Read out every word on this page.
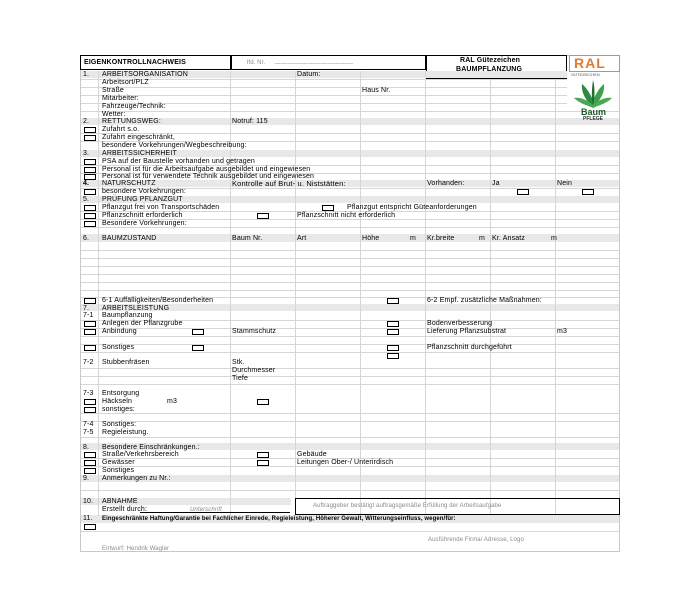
EIGENKONTROLLNACHWEIS	lfd. Nr. __ __ __ __ __ __ __ __ __ __ __ __	RAL Gütezeichen
BAUMPFLANZUNG	RAL
GÜTEZEICHEN
Baum
PFLEGE
1. ARBEITSORGANISATION	Datum:
Arbeitsort/PLZ
Straße	Haus Nr.
Mitarbeiter:
Fahrzeuge/Technik:
Wetter:
2. RETTUNGSWEG:	Notruf: 115
Zufahrt s.o.
Zufahrt eingeschränkt,
besondere Vorkehrungen/Wegbeschreibung:
3. ARBEITSSICHERHEIT
PSA auf der Baustelle vorhanden und getragen
Personal ist für die Arbeitsaufgabe ausgebildet und eingewiesen
Personal ist für verwendete Technik ausgebildet und eingewiesen
4. NATURSCHUTZ	Kontrolle auf Brut- u. Niststätten:	Vorhanden:	Ja	Nein
besondere Vorkehrungen:
5. PRÜFUNG PFLANZGUT
Pflanzgut frei von Transportschäden	Pflanzgut entspricht Güteanforderungen
Pflanzschnitt erforderlich	Pflanzschnitt nicht erforderlich
Besondere Vorkehrungen:
6. BAUMZUSTAND	Baum Nr.	Art	Höhe	m Kr.breite	m Kr. Ansatz	m
6-1 Auffälligkeiten/Besonderheiten	6-2 Empf. zusätzliche Maßnahmen:
7. ARBEITSLEISTUNG
7-1 Baumpflanzung
Anlegen der Pflanzgrube	Bodenverbesserung
Anbindung	Stammschutz	Lieferung Pflanzsubstrat	m3
Sonstiges	Pflanzschnitt durchgeführt
7-2 Stubbenfräsen	Stk.
Durchmesser
Tiefe
7-3 Entsorgung
Häckseln	m3
sonstiges:
7-4 Sonstiges:
7-5 Regieleistung.
8. Besondere Einschränkungen.:
Straße/Verkehrsbereich	Gebäude
Gewässer	Leitungen Ober-/ Unterirdisch
Sonstiges
9. Anmerkungen zu Nr.:
10. ABNAHME
Erstellt durch:	Unterschrift
Auftraggeber bestätigt auftragsgemäße Erfüllung der Arbeitsaufgabe
11. Eingeschränkte Haftung/Garantie bei Fachlicher Einrede, Regieleistung, Höherer Gewalt, Witterungseinfluss, wegen/für:
Ausführende Firma/ Adresse, Logo
Entwurf: Hendrik Wagler
